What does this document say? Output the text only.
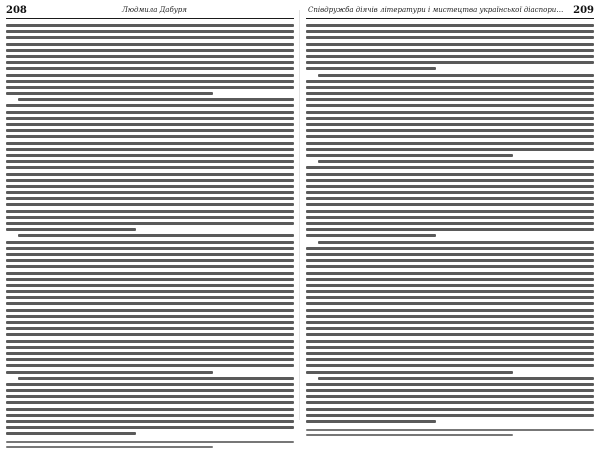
208	Людмила Дабуря	Співдружба діячів літератури і мистецтва української діаспори… 209
